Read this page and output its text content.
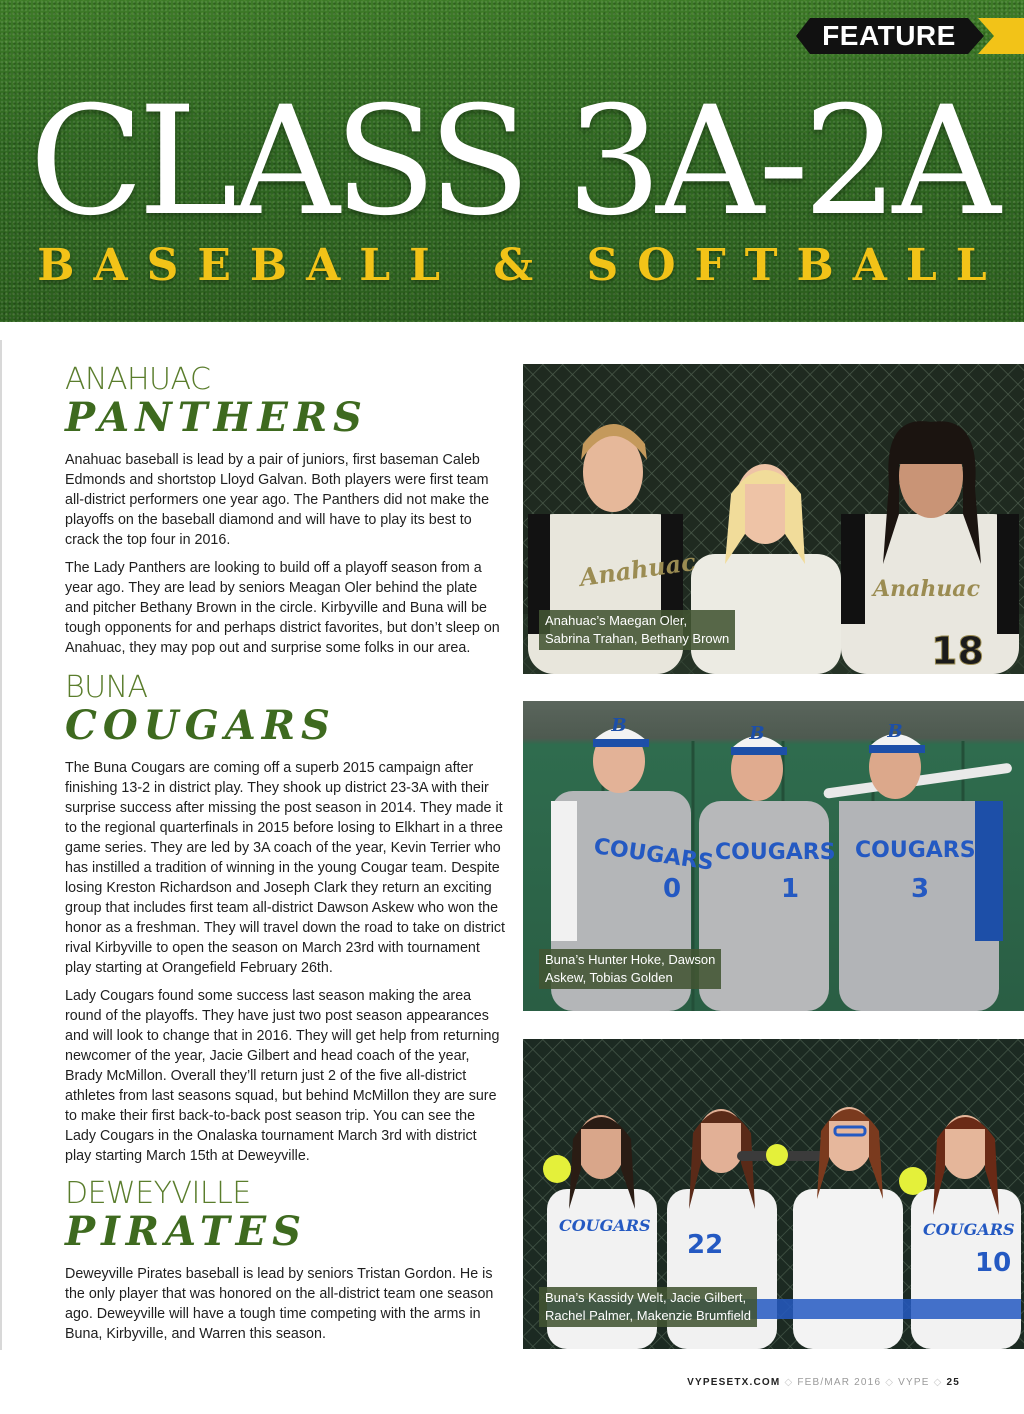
FEATURE
CLASS 3A-2A
BASEBALL & SOFTBALL
ANAHUAC
PANTHERS

Anahuac baseball is lead by a pair of juniors, first baseman Caleb Edmonds and shortstop Lloyd Galvan. Both players were first team all-district performers one year ago. The Panthers did not make the playoffs on the baseball diamond and will have to play its best to crack the top four in 2016.

The Lady Panthers are looking to build off a playoff season from a year ago. They are lead by seniors Meagan Oler behind the plate and pitcher Bethany Brown in the circle. Kirbyville and Buna will be tough opponents for and perhaps district favorites, but don’t sleep on Anahuac, they may pop out and surprise some folks in our area.

BUNA
COUGARS

The Buna Cougars are coming off a superb 2015 campaign after finishing 13-2 in district play. They shook up district 23-3A with their surprise success after missing the post season in 2014. They made it to the regional quarterfinals in 2015 before losing to Elkhart in a three game series. They are led by 3A coach of the year, Kevin Terrier who has instilled a tradition of winning in the young Cougar team. Despite losing Kreston Richardson and Joseph Clark they return an exciting group that includes first team all-district Dawson Askew who won the honor as a freshman. They will travel down the road to take on district rival Kirbyville to open the season on March 23rd with tournament play starting at Orangefield February 26th.

Lady Cougars found some success last season making the area round of the playoffs. They have just two post season appearances and will look to change that in 2016. They will get help from returning newcomer of the year, Jacie Gilbert and head coach of the year, Brady McMillon. Overall they’ll return just 2 of the five all-district athletes from last seasons squad, but behind McMillon they are sure to make their first back-to-back post season trip. You can see the Lady Cougars in the Onalaska tournament March 3rd with district play starting March 15th at Deweyville.

DEWEYVILLE
PIRATES

Deweyville Pirates baseball is lead by seniors Tristan Gordon. He is the only player that was honored on the all-district team one season ago. Deweyville will have a tough time competing with the arms in Buna, Kirbyville, and Warren this season.

Anahuac	Anahuac
18
Anahuac’s Maegan Oler,
Sabrina Trahan, Bethany Brown
B	B	B
COUGARS COUGARS COUGARS
0	1	3
Buna’s Hunter Hoke, Dawson
Askew, Tobias Golden
COUGARS	COUGARS
22
10
Buna’s Kassidy Welt, Jacie Gilbert,
Rachel Palmer, Makenzie Brumfield
VYPESETX.COM ◇ FEB/MAR 2016 ◇ VYPE ◇ 25
